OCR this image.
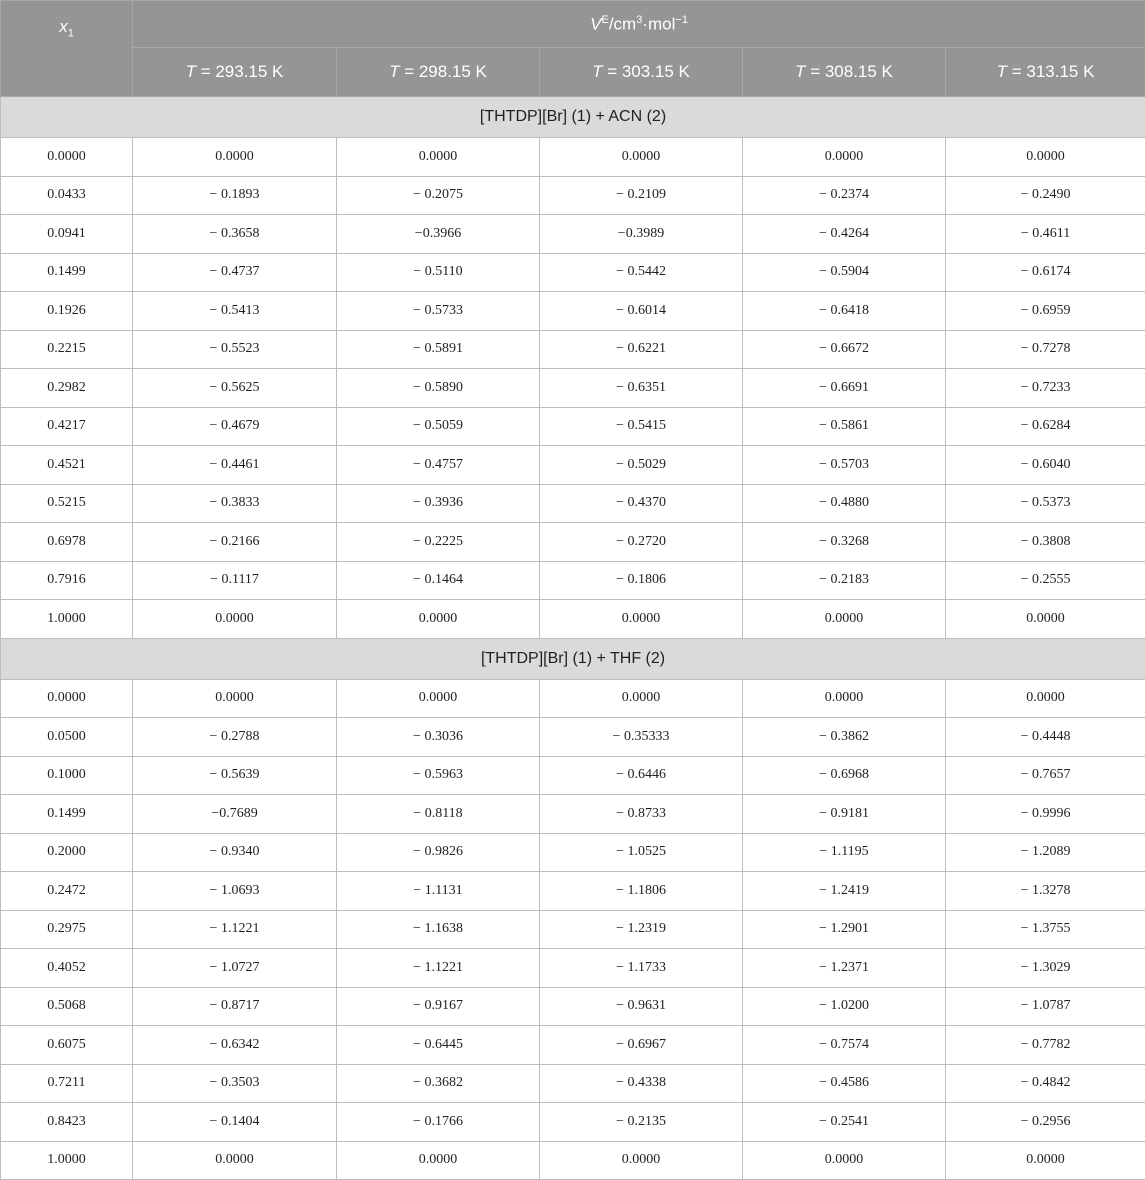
$x_1$	$V^E/cm^3\cdot mol^{-1}$
	T = 293.15 K	T = 298.15 K	T = 303.15 K	T = 308.15 K	T = 313.15 K
[THTDP][Br] (1) + ACN (2)					
0.0000	0.0000	0.0000	0.0000	0.0000	0.0000
0.0433	− 0.1893	− 0.2075	− 0.2109	− 0.2374	− 0.2490
0.0941	− 0.3658	−0.3966	−0.3989	− 0.4264	− 0.4611
0.1499	− 0.4737	− 0.5110	− 0.5442	− 0.5904	− 0.6174
0.1926	− 0.5413	− 0.5733	− 0.6014	− 0.6418	− 0.6959
0.2215	− 0.5523	− 0.5891	− 0.6221	− 0.6672	− 0.7278
0.2982	− 0.5625	− 0.5890	− 0.6351	− 0.6691	− 0.7233
0.4217	− 0.4679	− 0.5059	− 0.5415	− 0.5861	− 0.6284
0.4521	− 0.4461	− 0.4757	− 0.5029	− 0.5703	− 0.6040
0.5215	− 0.3833	− 0.3936	− 0.4370	− 0.4880	− 0.5373
0.6978	− 0.2166	− 0.2225	− 0.2720	− 0.3268	− 0.3808
0.7916	− 0.1117	− 0.1464	− 0.1806	− 0.2183	− 0.2555
1.0000	0.0000	0.0000	0.0000	0.0000	0.0000
[THTDP][Br] (1) + THF (2)					
0.0000	0.0000	0.0000	0.0000	0.0000	0.0000
0.0500	− 0.2788	− 0.3036	− 0.35333	− 0.3862	− 0.4448
0.1000	− 0.5639	− 0.5963	− 0.6446	− 0.6968	− 0.7657
0.1499	−0.7689	− 0.8118	− 0.8733	− 0.9181	− 0.9996
0.2000	− 0.9340	− 0.9826	− 1.0525	− 1.1195	− 1.2089
0.2472	− 1.0693	− 1.1131	− 1.1806	− 1.2419	− 1.3278
0.2975	− 1.1221	− 1.1638	− 1.2319	− 1.2901	− 1.3755
0.4052	− 1.0727	− 1.1221	− 1.1733	− 1.2371	− 1.3029
0.5068	− 0.8717	− 0.9167	− 0.9631	− 1.0200	− 1.0787
0.6075	− 0.6342	− 0.6445	− 0.6967	− 0.7574	− 0.7782
0.7211	− 0.3503	− 0.3682	− 0.4338	− 0.4586	− 0.4842
0.8423	− 0.1404	− 0.1766	− 0.2135	− 0.2541	− 0.2956
1.0000	0.0000	0.0000	0.0000	0.0000	0.0000
